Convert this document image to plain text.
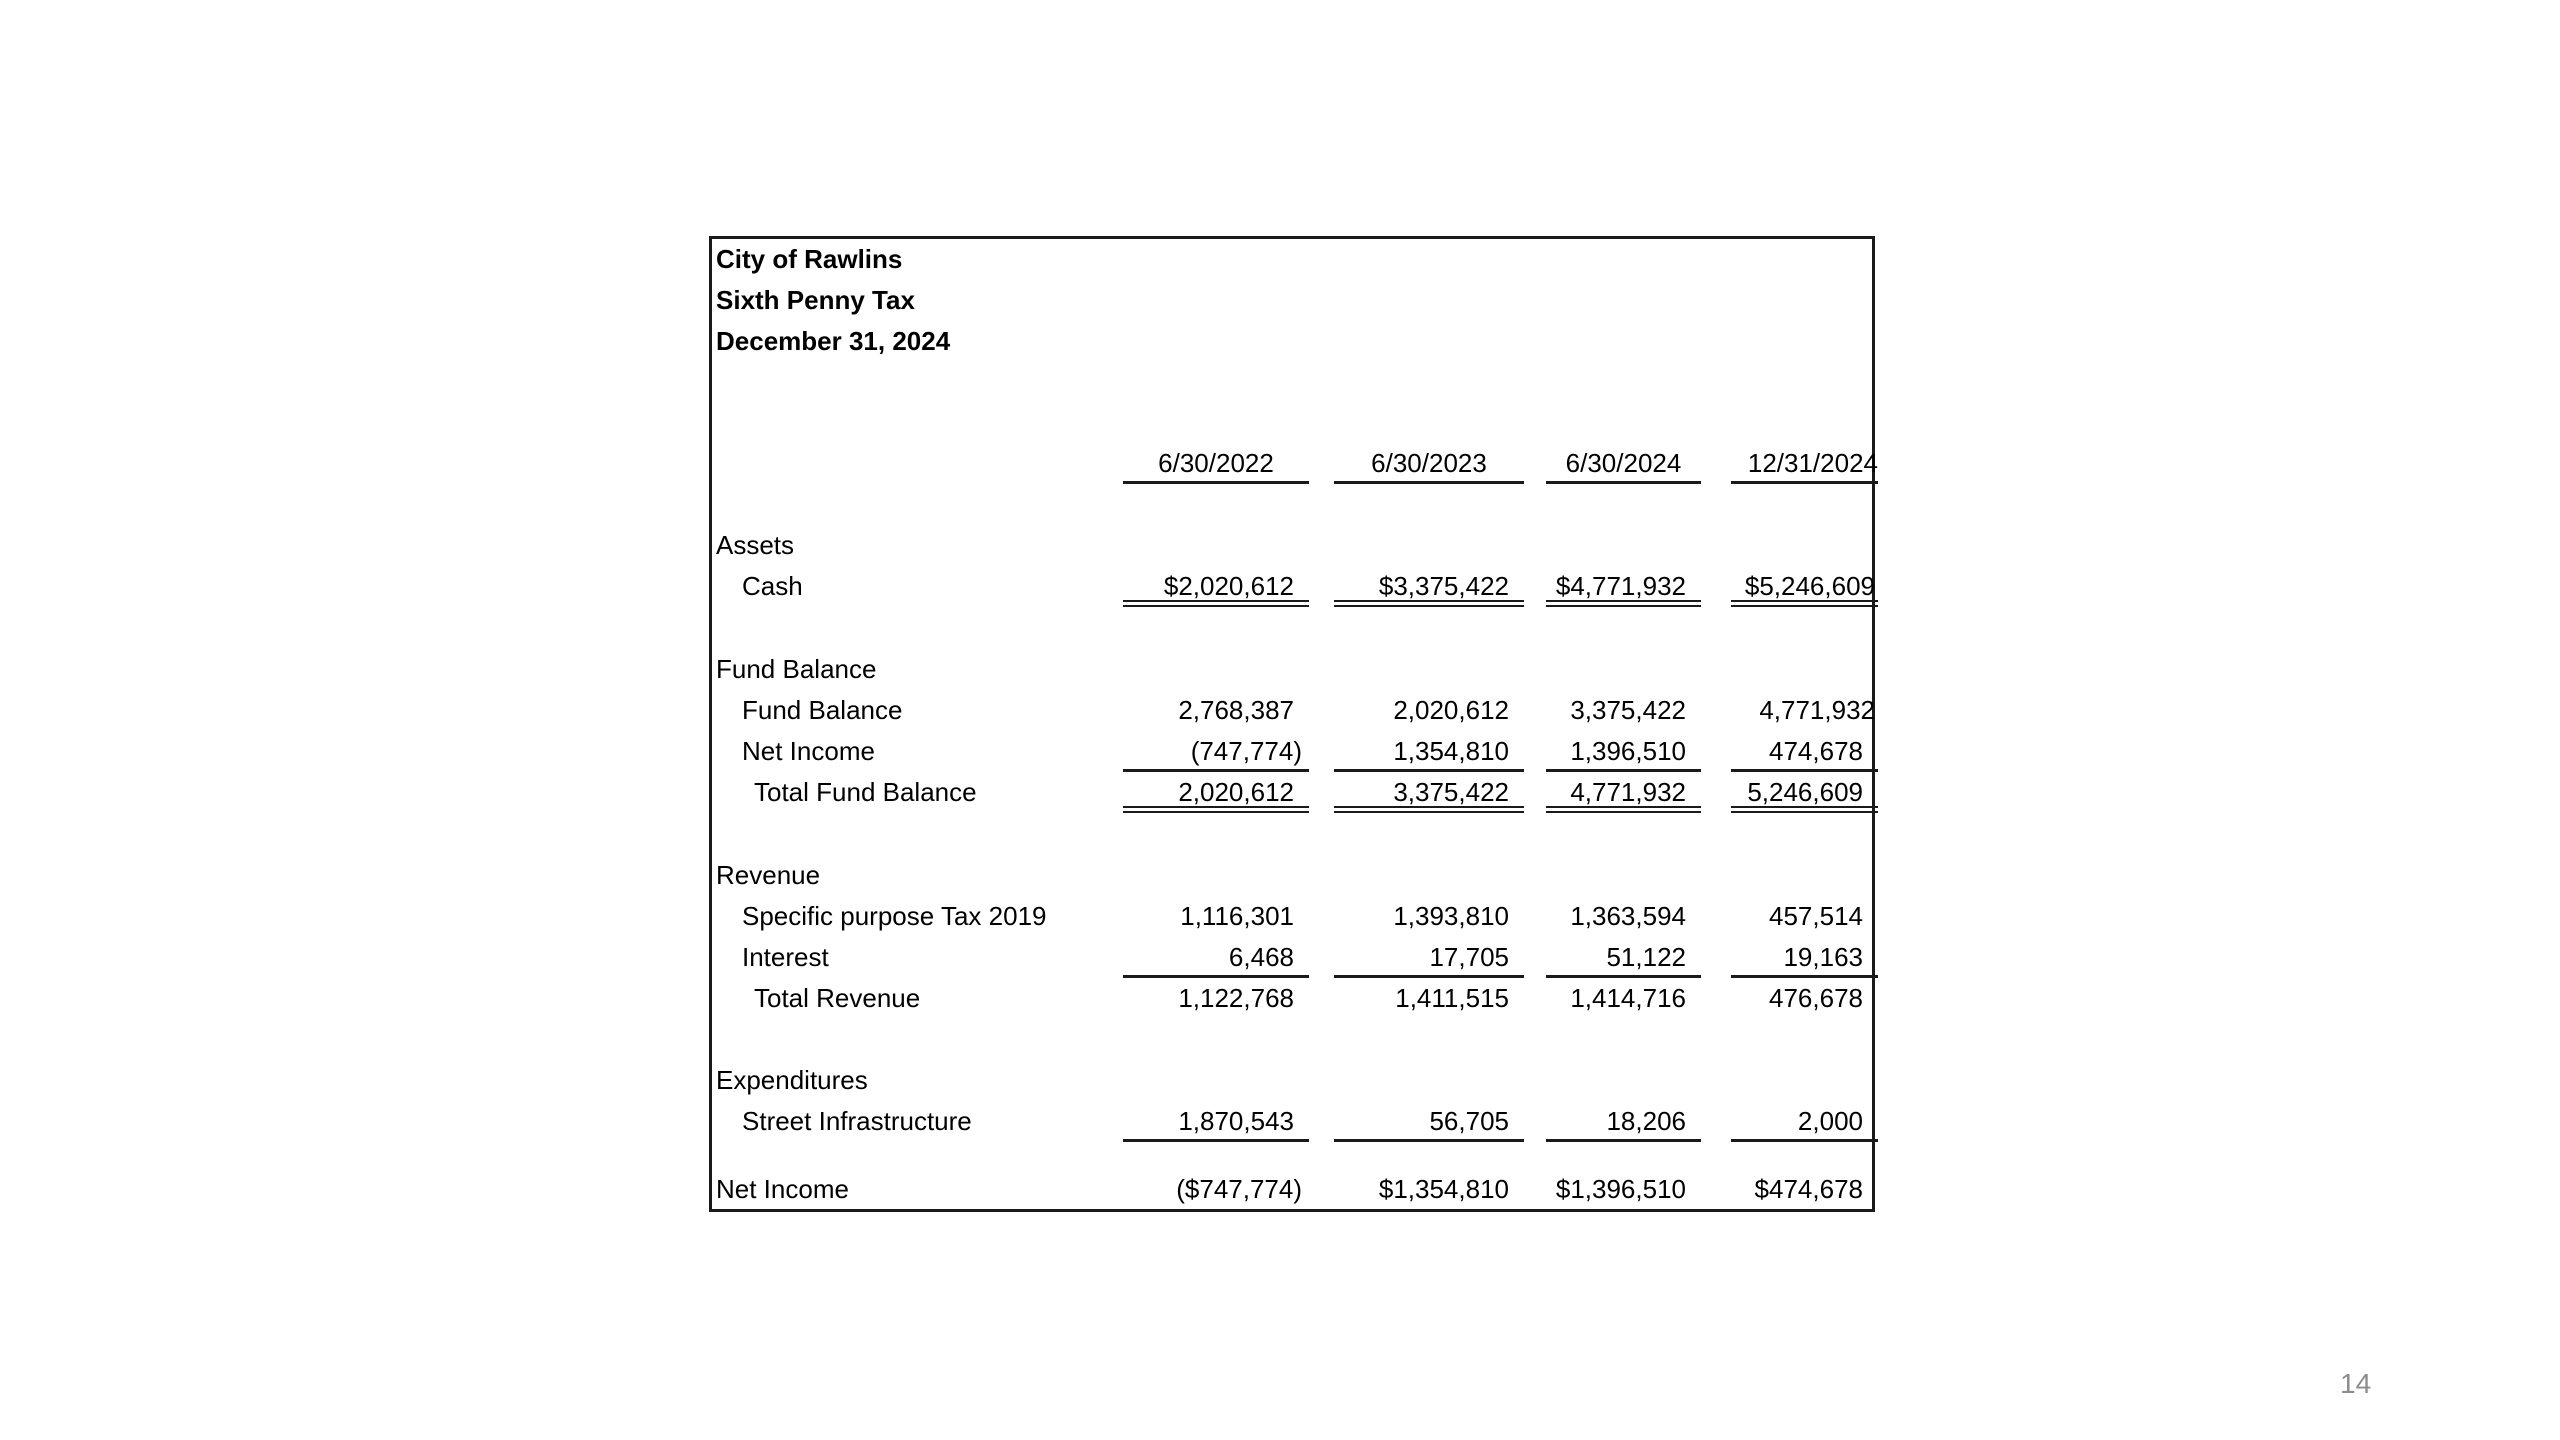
City of Rawlins
Sixth Penny Tax
December 31, 2024
6/30/2022	6/30/2023	6/30/2024	12/31/2024
Assets
Cash	$2,020,612	$3,375,422	$4,771,932	$5,246,609
Fund Balance
Fund Balance	2,768,387	2,020,612	3,375,422	4,771,932
Net Income	(747,774)	1,354,810	1,396,510	474,678
Total Fund Balance	2,020,612	3,375,422	4,771,932	5,246,609
Revenue
Specific purpose Tax 2019	1,116,301	1,393,810	1,363,594	457,514
Interest	6,468	17,705	51,122	19,163
Total Revenue	1,122,768	1,411,515	1,414,716	476,678
Expenditures
Street Infrastructure	1,870,543	56,705	18,206	2,000
Net Income	($747,774)	$1,354,810	$1,396,510	$474,678
14
